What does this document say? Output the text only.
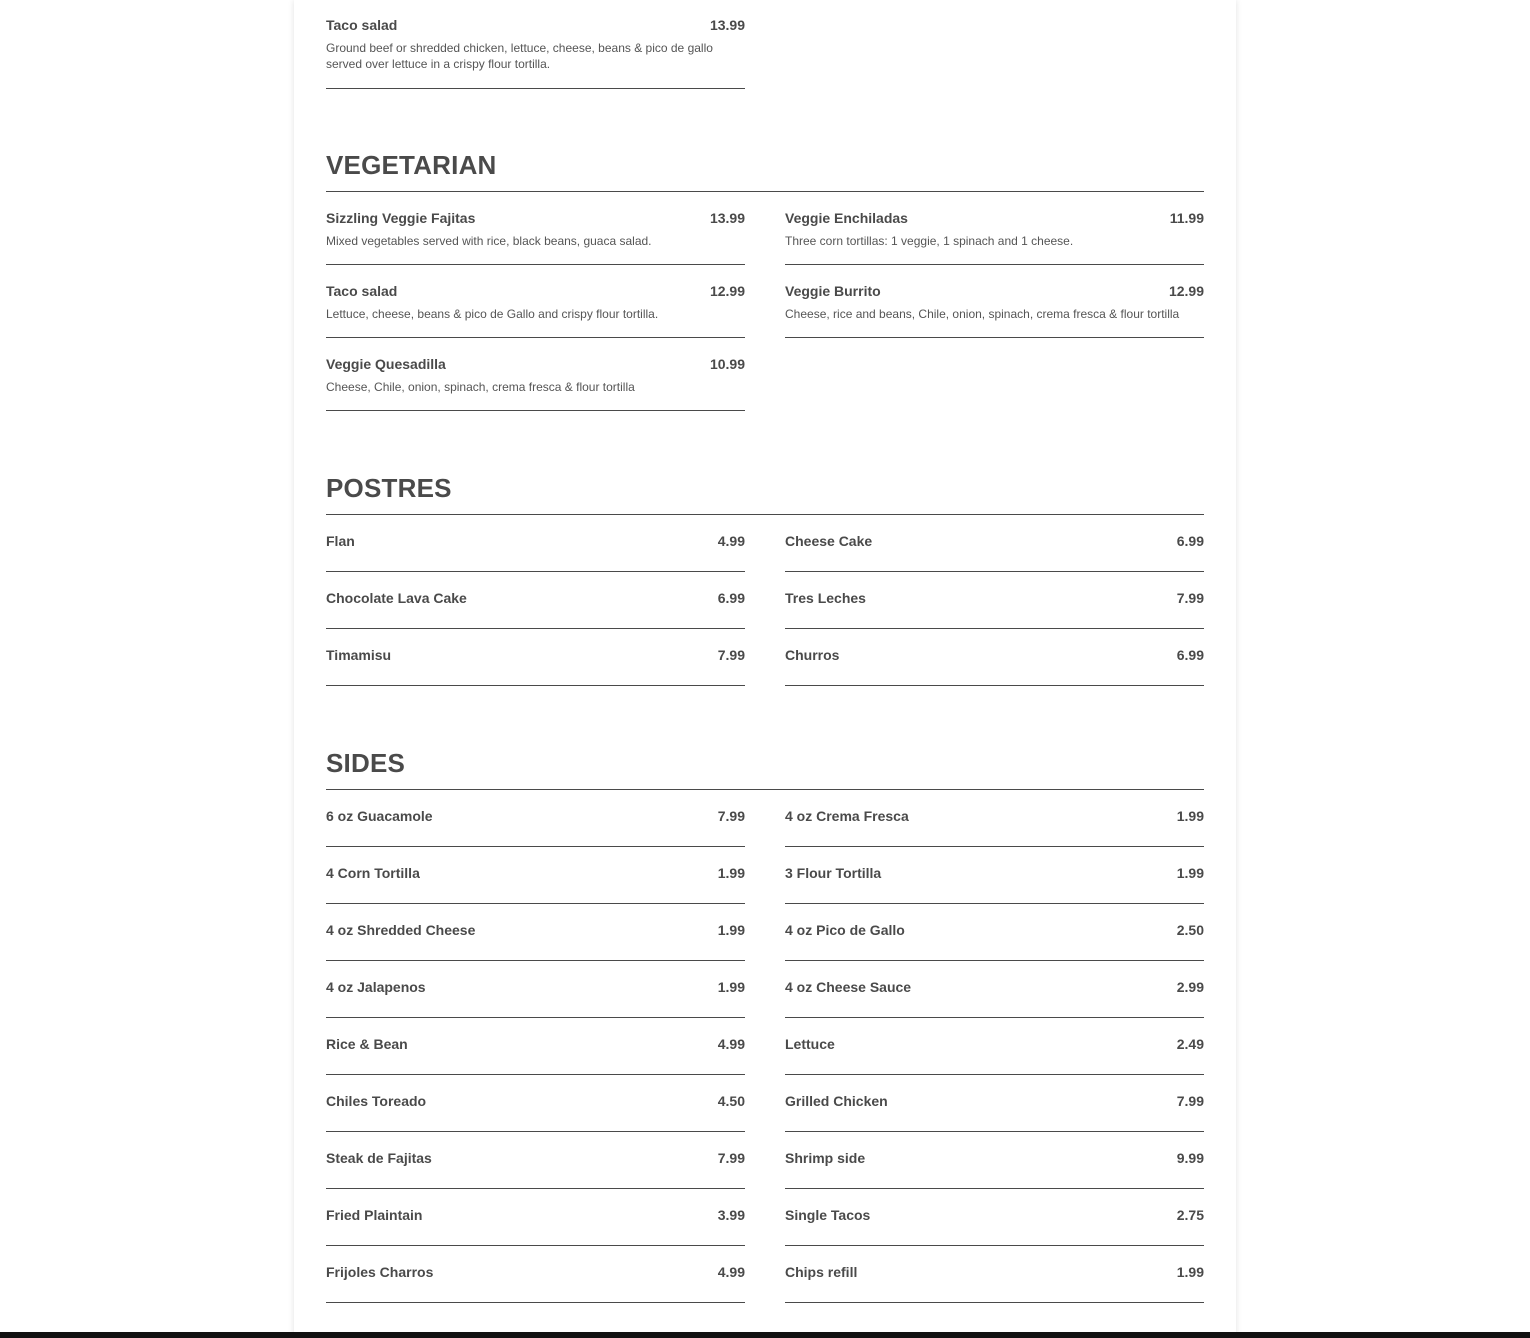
Taco salad	13.99
Ground beef or shredded chicken, lettuce, cheese, beans & pico de gallo served over lettuce in a crispy flour tortilla.
VEGETARIAN
Sizzling Veggie Fajitas	13.99
Mixed vegetables served with rice, black beans, guaca salad.
Taco salad	12.99
Lettuce, cheese, beans & pico de Gallo and crispy flour tortilla.
Veggie Quesadilla	10.99
Cheese, Chile, onion, spinach, crema fresca & flour tortilla
Veggie Enchiladas	11.99
Three corn tortillas: 1 veggie, 1 spinach and 1 cheese.
Veggie Burrito	12.99
Cheese, rice and beans, Chile, onion, spinach, crema fresca & flour tortilla
POSTRES
Flan	4.99
Chocolate Lava Cake	6.99
Timamisu	7.99
Cheese Cake	6.99
Tres Leches	7.99
Churros	6.99
SIDES
6 oz Guacamole	7.99
4 Corn Tortilla	1.99
4 oz Shredded Cheese	1.99
4 oz Jalapenos	1.99
Rice & Bean	4.99
Chiles Toreado	4.50
Steak de Fajitas	7.99
Fried Plaintain	3.99
Frijoles Charros	4.99
4 oz Crema Fresca	1.99
3 Flour Tortilla	1.99
4 oz Pico de Gallo	2.50
4 oz Cheese Sauce	2.99
Lettuce	2.49
Grilled Chicken	7.99
Shrimp side	9.99
Single Tacos	2.75
Chips refill	1.99
